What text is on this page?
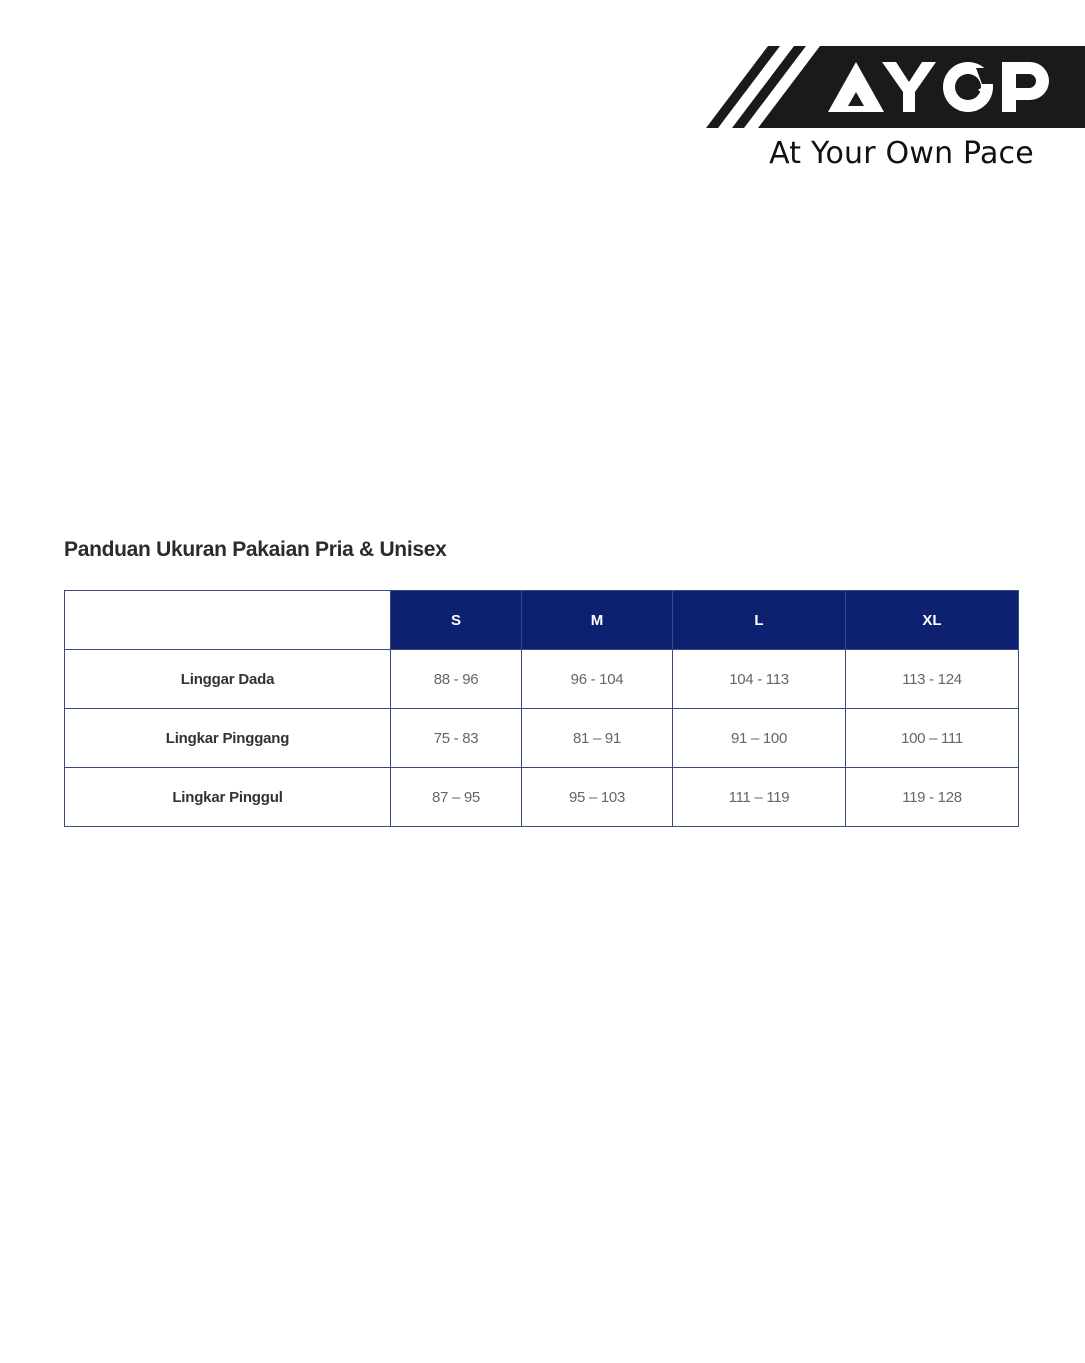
At Your Own Pace
Panduan Ukuran Pakaian Pria & Unisex
	S	M	L	XL
Linggar Dada	88 - 96	96 - 104	104 - 113	113 - 124
Lingkar Pinggang	75 - 83	81 – 91	91 – 100	100 – 111
Lingkar Pinggul	87 – 95	95 – 103	111 – 119	119 - 128
